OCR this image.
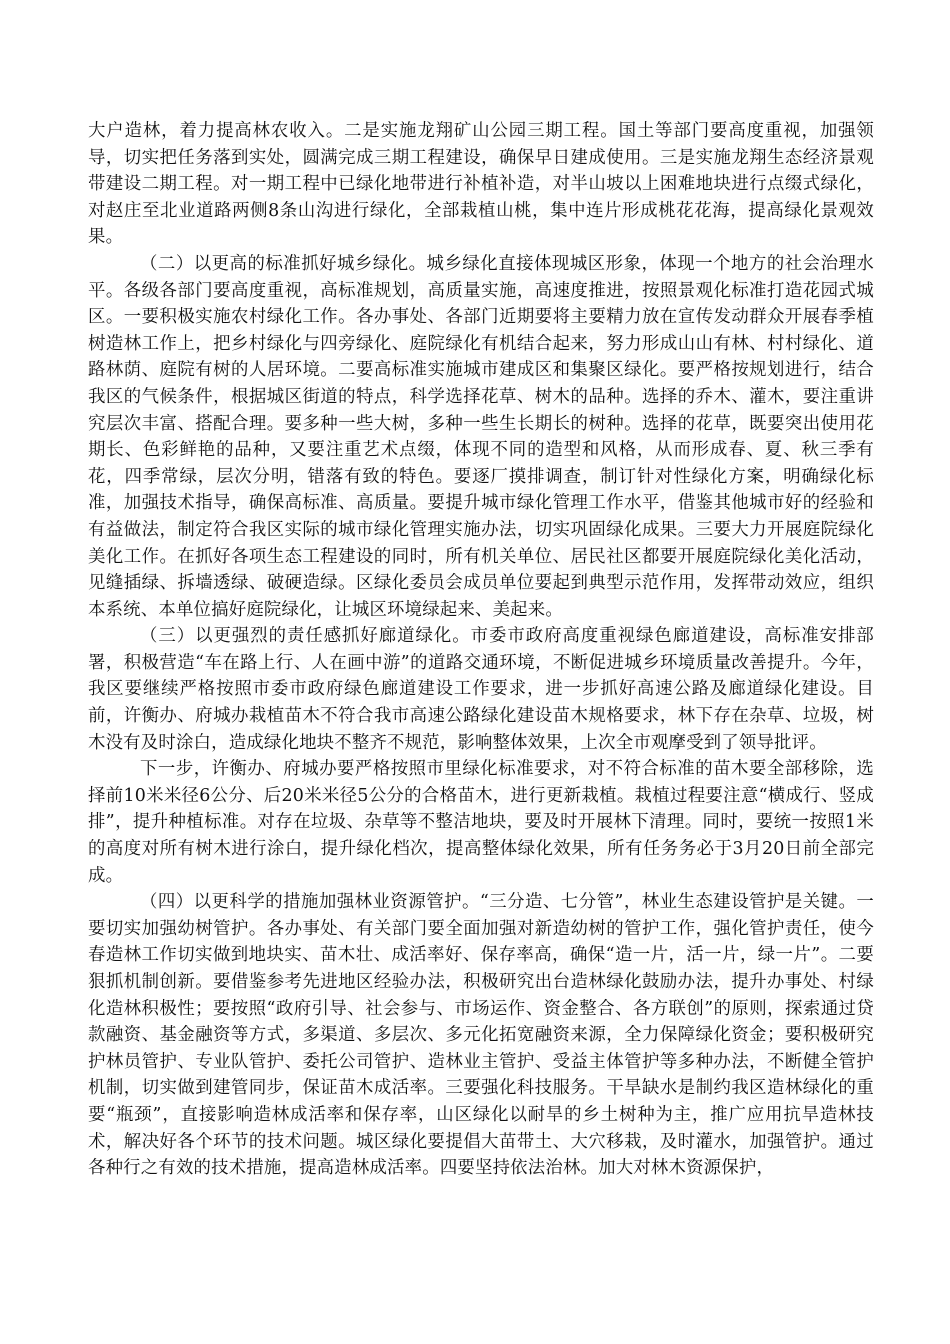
大户造林，着力提高林农收入。二是实施龙翔矿山公园三期工程。国土等部门要高度重视，加强领导，切实把任务落到实处，圆满完成三期工程建设，确保早日建成使用。三是实施龙翔生态经济景观带建设二期工程。对一期工程中已绿化地带进行补植补造，对半山坡以上困难地块进行点缀式绿化，对赵庄至北业道路两侧8条山沟进行绿化，全部栽植山桃，集中连片形成桃花花海，提高绿化景观效果。

（二）以更高的标准抓好城乡绿化。城乡绿化直接体现城区形象，体现一个地方的社会治理水平。各级各部门要高度重视，高标准规划，高质量实施，高速度推进，按照景观化标准打造花园式城区。一要积极实施农村绿化工作。各办事处、各部门近期要将主要精力放在宣传发动群众开展春季植树造林工作上，把乡村绿化与四旁绿化、庭院绿化有机结合起来，努力形成山山有林、村村绿化、道路林荫、庭院有树的人居环境。二要高标准实施城市建成区和集聚区绿化。要严格按规划进行，结合我区的气候条件，根据城区街道的特点，科学选择花草、树木的品种。选择的乔木、灌木，要注重讲究层次丰富、搭配合理。要多种一些大树，多种一些生长期长的树种。选择的花草，既要突出使用花期长、色彩鲜艳的品种，又要注重艺术点缀，体现不同的造型和风格，从而形成春、夏、秋三季有花，四季常绿，层次分明，错落有致的特色。要逐厂摸排调查，制订针对性绿化方案，明确绿化标准，加强技术指导，确保高标准、高质量。要提升城市绿化管理工作水平，借鉴其他城市好的经验和有益做法，制定符合我区实际的城市绿化管理实施办法，切实巩固绿化成果。三要大力开展庭院绿化美化工作。在抓好各项生态工程建设的同时，所有机关单位、居民社区都要开展庭院绿化美化活动，见缝插绿、拆墙透绿、破硬造绿。区绿化委员会成员单位要起到典型示范作用，发挥带动效应，组织本系统、本单位搞好庭院绿化，让城区环境绿起来、美起来。

（三）以更强烈的责任感抓好廊道绿化。市委市政府高度重视绿色廊道建设，高标准安排部署，积极营造“车在路上行、人在画中游”的道路交通环境，不断促进城乡环境质量改善提升。今年，我区要继续严格按照市委市政府绿色廊道建设工作要求，进一步抓好高速公路及廊道绿化建设。目前，许衡办、府城办栽植苗木不符合我市高速公路绿化建设苗木规格要求，林下存在杂草、垃圾，树木没有及时涂白，造成绿化地块不整齐不规范，影响整体效果，上次全市观摩受到了领导批评。

下一步，许衡办、府城办要严格按照市里绿化标准要求，对不符合标准的苗木要全部移除，选择前10米米径6公分、后20米米径5公分的合格苗木，进行更新栽植。栽植过程要注意“横成行、竖成排”，提升种植标准。对存在垃圾、杂草等不整洁地块，要及时开展林下清理。同时，要统一按照1米的高度对所有树木进行涂白，提升绿化档次，提高整体绿化效果，所有任务务必于3月20日前全部完成。

（四）以更科学的措施加强林业资源管护。“三分造、七分管”，林业生态建设管护是关键。一要切实加强幼树管护。各办事处、有关部门要全面加强对新造幼树的管护工作，强化管护责任，使今春造林工作切实做到地块实、苗木壮、成活率好、保存率高，确保“造一片，活一片，绿一片”。二要狠抓机制创新。要借鉴参考先进地区经验办法，积极研究出台造林绿化鼓励办法，提升办事处、村绿化造林积极性；要按照“政府引导、社会参与、市场运作、资金整合、各方联创”的原则，探索通过贷款融资、基金融资等方式，多渠道、多层次、多元化拓宽融资来源，全力保障绿化资金；要积极研究护林员管护、专业队管护、委托公司管护、造林业主管护、受益主体管护等多种办法，不断健全管护机制，切实做到建管同步，保证苗木成活率。三要强化科技服务。干旱缺水是制约我区造林绿化的重要“瓶颈”，直接影响造林成活率和保存率，山区绿化以耐旱的乡土树种为主，推广应用抗旱造林技术，解决好各个环节的技术问题。城区绿化要提倡大苗带土、大穴移栽，及时灌水，加强管护。通过各种行之有效的技术措施，提高造林成活率。四要坚持依法治林。加大对林木资源保护，
